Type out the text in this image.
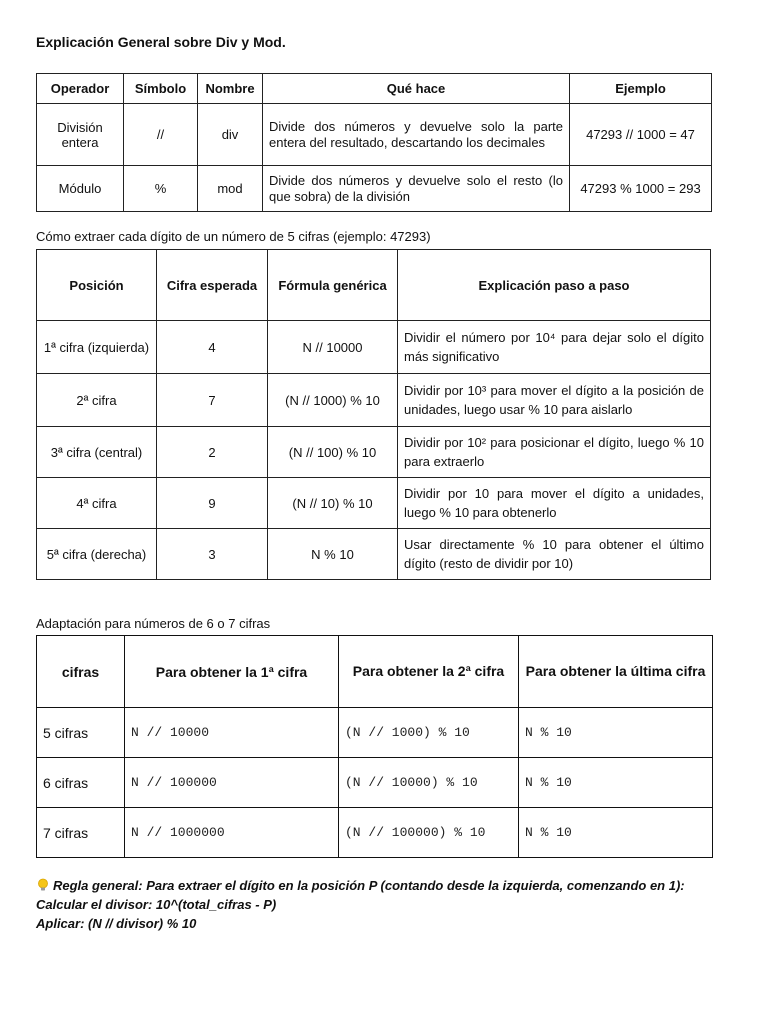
Explicación General sobre Div y Mod.
Operador	Símbolo	Nombre	Qué hace	Ejemplo
División entera	//	div	Divide dos números y devuelve solo la parte entera del resultado, descartando los decimales	47293 // 1000 = 47
Módulo	%	mod	Divide dos números y devuelve solo el resto (lo que sobra) de la división	47293 % 1000 = 293
Cómo extraer cada dígito de un número de 5 cifras (ejemplo: 47293)
Posición	Cifra esperada	Fórmula genérica	Explicación paso a paso
1ª cifra (izquierda)	4	N // 10000	Dividir el número por 10⁴ para dejar solo el dígito más significativo
2ª cifra	7	(N // 1000) % 10	Dividir por 10³ para mover el dígito a la posición de unidades, luego usar % 10 para aislarlo
3ª cifra (central)	2	(N // 100) % 10	Dividir por 10² para posicionar el dígito, luego % 10 para extraerlo
4ª cifra	9	(N // 10) % 10	Dividir por 10 para mover el dígito a unidades, luego % 10 para obtenerlo
5ª cifra (derecha)	3	N % 10	Usar directamente % 10 para obtener el último dígito (resto de dividir por 10)
Adaptación para números de 6 o 7 cifras
cifras	Para obtener la 1ª cifra	Para obtener la 2ª cifra	Para obtener la última cifra
5 cifras	N // 10000	(N // 1000) % 10	N % 10
6 cifras	N // 100000	(N // 10000) % 10	N % 10
7 cifras	N // 1000000	(N // 100000) % 10	N % 10
Regla general: Para extraer el dígito en la posición P (contando desde la izquierda, comenzando en 1):
Calcular el divisor: 10^(total_cifras - P)
Aplicar: (N // divisor) % 10
